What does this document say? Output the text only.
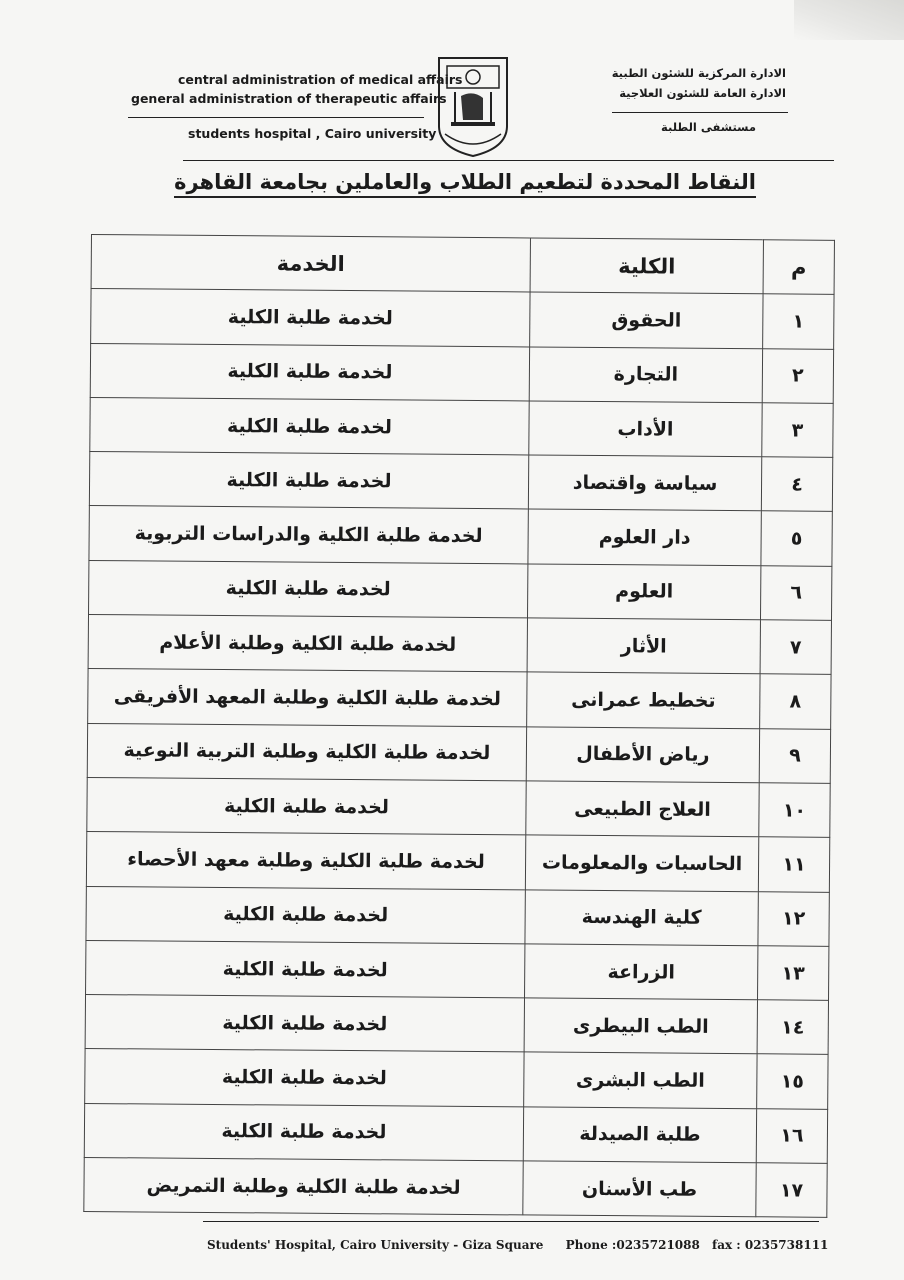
central administration of medical affairs
general administration of therapeutic affairs
students hospital , Cairo university
الادارة المركزية للشئون الطبية
الادارة العامة للشئون العلاجية
مستشفى الطلبة
النقاط المحددة لتطعيم الطلاب والعاملين بجامعة القاهرة
م	الكلية	الخدمة
١	الحقوق	لخدمة طلبة الكلية
٢	التجارة	لخدمة طلبة الكلية
٣	الأداب	لخدمة طلبة الكلية
٤	سياسة واقتصاد	لخدمة طلبة الكلية
٥	دار العلوم	لخدمة طلبة الكلية والدراسات التربوية
٦	العلوم	لخدمة طلبة الكلية
٧	الأثار	لخدمة طلبة الكلية وطلبة الأعلام
٨	تخطيط عمرانى	لخدمة طلبة الكلية وطلبة المعهد الأفريقى
٩	رياض الأطفال	لخدمة طلبة الكلية وطلبة التربية النوعية
١٠	العلاج الطبيعى	لخدمة طلبة الكلية
١١	الحاسبات والمعلومات	لخدمة طلبة الكلية وطلبة معهد الأحصاء
١٢	كلية الهندسة	لخدمة طلبة الكلية
١٣	الزراعة	لخدمة طلبة الكلية
١٤	الطب البيطرى	لخدمة طلبة الكلية
١٥	الطب البشرى	لخدمة طلبة الكلية
١٦	طلبة الصيدلة	لخدمة طلبة الكلية
١٧	طب الأسنان	لخدمة طلبة الكلية وطلبة التمريض
Students' Hospital, Cairo University - Giza Square Phone :0235721088 fax : 0235738111
